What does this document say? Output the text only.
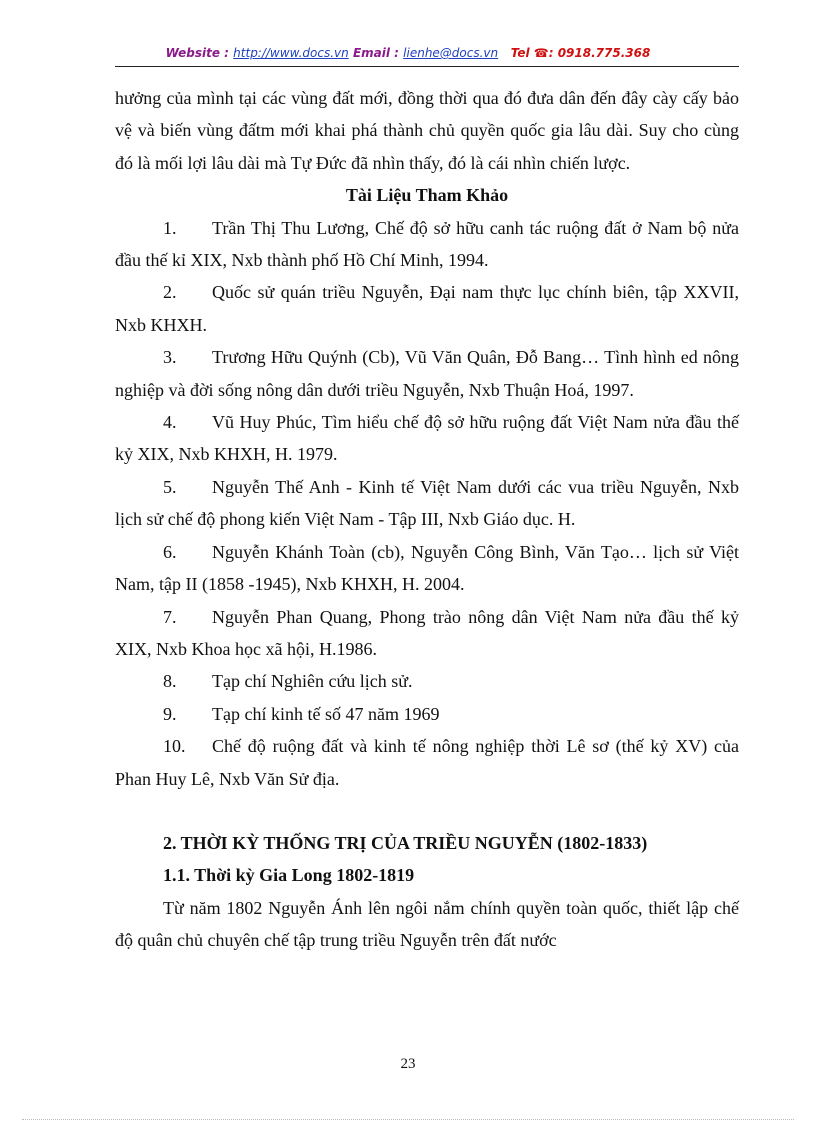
Website : http://www.docs.vn Email : lienhe@docs.vn Tel ☎: 0918.775.368

hưởng của mình tại các vùng đất mới, đồng thời qua đó đưa dân đến đây cày cấy bảo vệ và biến vùng đấtm mới khai phá thành chủ quyền quốc gia lâu dài. Suy cho cùng đó là mối lợi lâu dài mà Tự Đức đã nhìn thấy, đó là cái nhìn chiến lược.

Tài Liệu Tham Khảo

1. Trần Thị Thu Lương, Chế độ sở hữu canh tác ruộng đất ở Nam bộ nửa đầu thế kỉ XIX, Nxb thành phố Hồ Chí Minh, 1994.

2. Quốc sử quán triều Nguyễn, Đại nam thực lục chính biên, tập XXVII, Nxb KHXH.

3. Trương Hữu Quýnh (Cb), Vũ Văn Quân, Đỗ Bang… Tình hình ed nông nghiệp và đời sống nông dân dưới triều Nguyễn, Nxb Thuận Hoá, 1997.

4. Vũ Huy Phúc, Tìm hiểu chế độ sở hữu ruộng đất Việt Nam nửa đầu thế kỷ XIX, Nxb KHXH, H. 1979.

5. Nguyễn Thế Anh - Kinh tế Việt Nam dưới các vua triều Nguyễn, Nxb lịch sử chế độ phong kiến Việt Nam - Tập III, Nxb Giáo dục. H.

6. Nguyễn Khánh Toàn (cb), Nguyễn Công Bình, Văn Tạo… lịch sử Việt Nam, tập II (1858 -1945), Nxb KHXH, H. 2004.

7. Nguyễn Phan Quang, Phong trào nông dân Việt Nam nửa đầu thế kỷ XIX, Nxb Khoa học xã hội, H.1986.

8. Tạp chí Nghiên cứu lịch sử.

9. Tạp chí kinh tế số 47 năm 1969

10. Chế độ ruộng đất và kinh tế nông nghiệp thời Lê sơ (thế kỷ XV) của Phan Huy Lê, Nxb Văn Sử địa.

2. THỜI KỲ THỐNG TRỊ CỦA TRIỀU NGUYỄN (1802-1833)

1.1. Thời kỳ Gia Long 1802-1819

Từ năm 1802 Nguyễn Ánh lên ngôi nắm chính quyền toàn quốc, thiết lập chế độ quân chủ chuyên chế tập trung triều Nguyễn trên đất nước

23
